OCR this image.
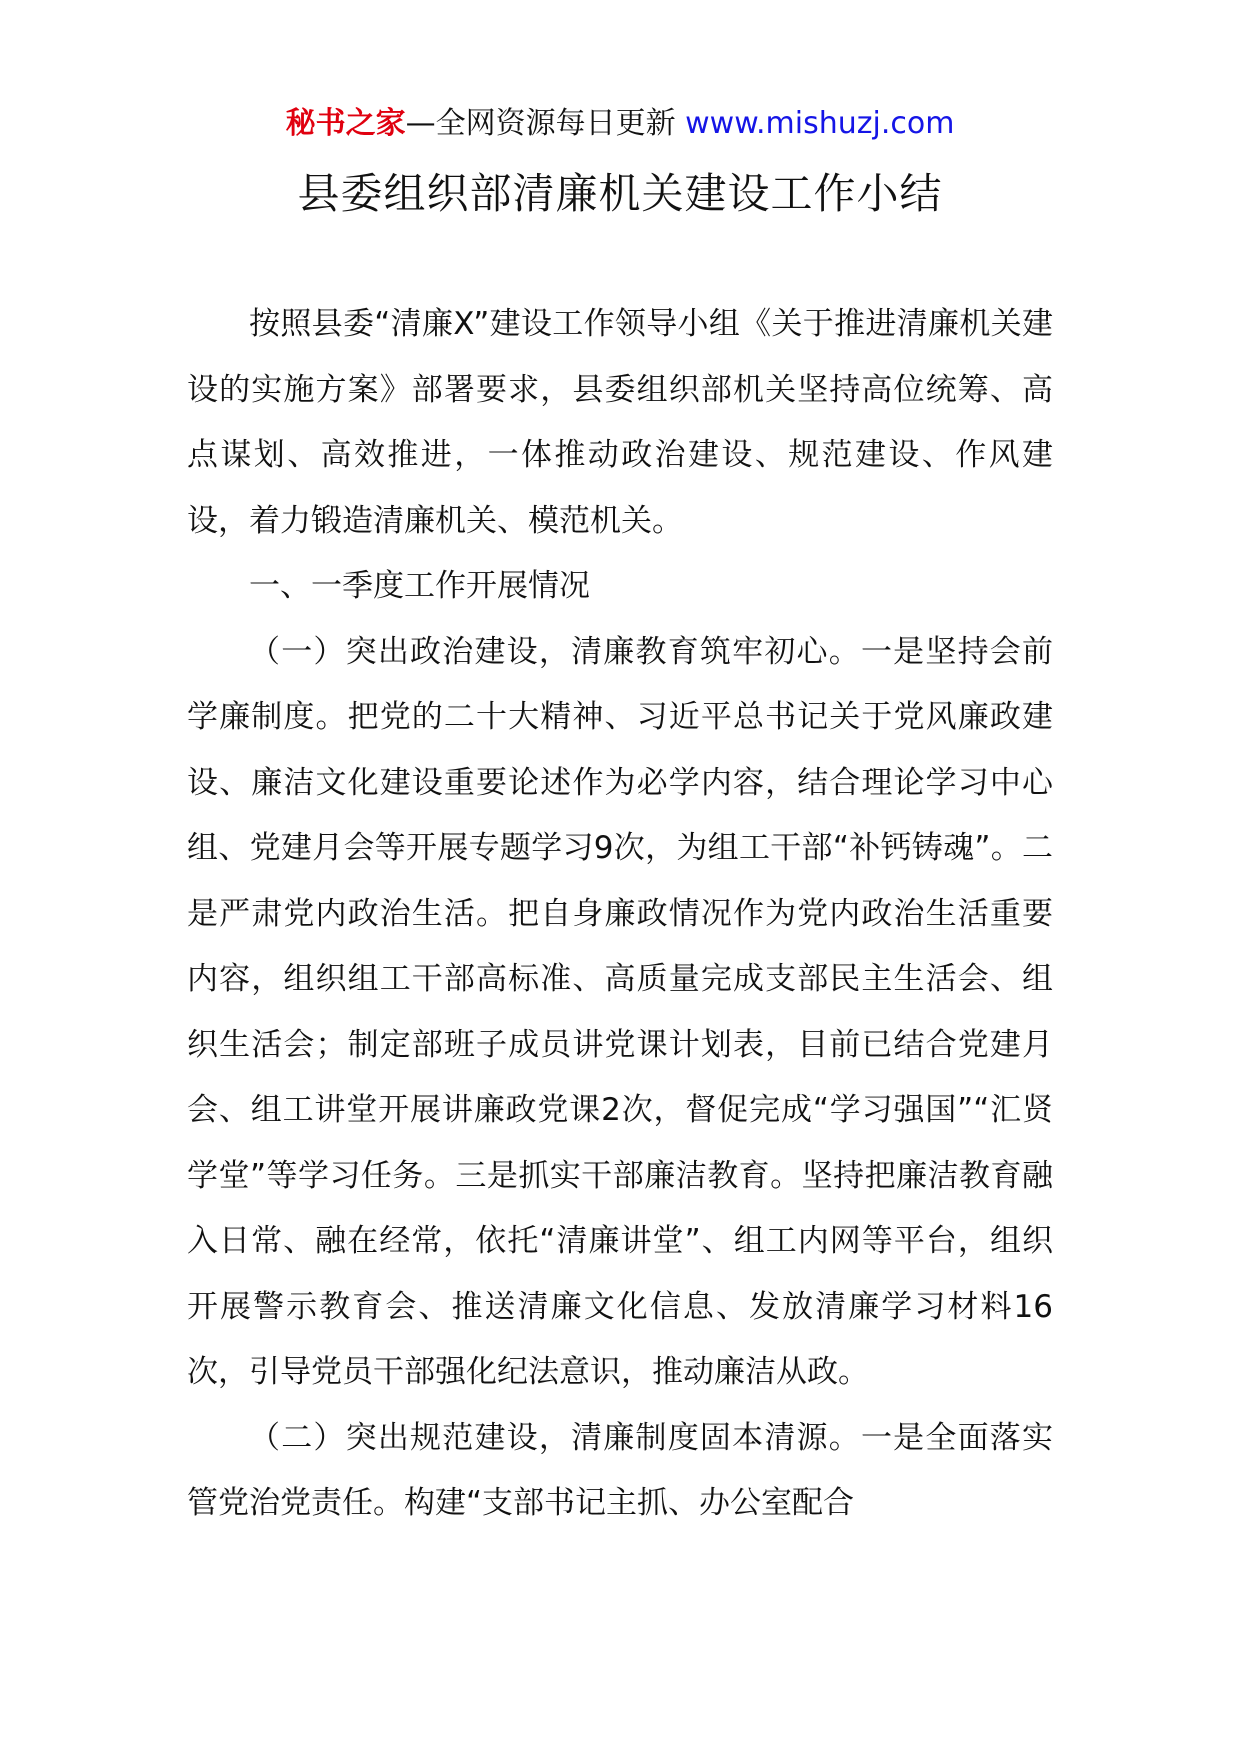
秘书之家—全网资源每日更新 www.mishuzj.com
县委组织部清廉机关建设工作小结

按照县委“清廉X”建设工作领导小组《关于推进清廉机关建设的实施方案》部署要求，县委组织部机关坚持高位统筹、高点谋划、高效推进，一体推动政治建设、规范建设、作风建设，着力锻造清廉机关、模范机关。

一、一季度工作开展情况

（一）突出政治建设，清廉教育筑牢初心。一是坚持会前学廉制度。把党的二十大精神、习近平总书记关于党风廉政建设、廉洁文化建设重要论述作为必学内容，结合理论学习中心组、党建月会等开展专题学习9次，为组工干部“补钙铸魂”。二是严肃党内政治生活。把自身廉政情况作为党内政治生活重要内容，组织组工干部高标准、高质量完成支部民主生活会、组织生活会；制定部班子成员讲党课计划表，目前已结合党建月会、组工讲堂开展讲廉政党课2次，督促完成“学习强国”“汇贤学堂”等学习任务。三是抓实干部廉洁教育。坚持把廉洁教育融入日常、融在经常，依托“清廉讲堂”、组工内网等平台，组织开展警示教育会、推送清廉文化信息、发放清廉学习材料16次，引导党员干部强化纪法意识，推动廉洁从政。

（二）突出规范建设，清廉制度固本清源。一是全面落实管党治党责任。构建“支部书记主抓、办公室配合
